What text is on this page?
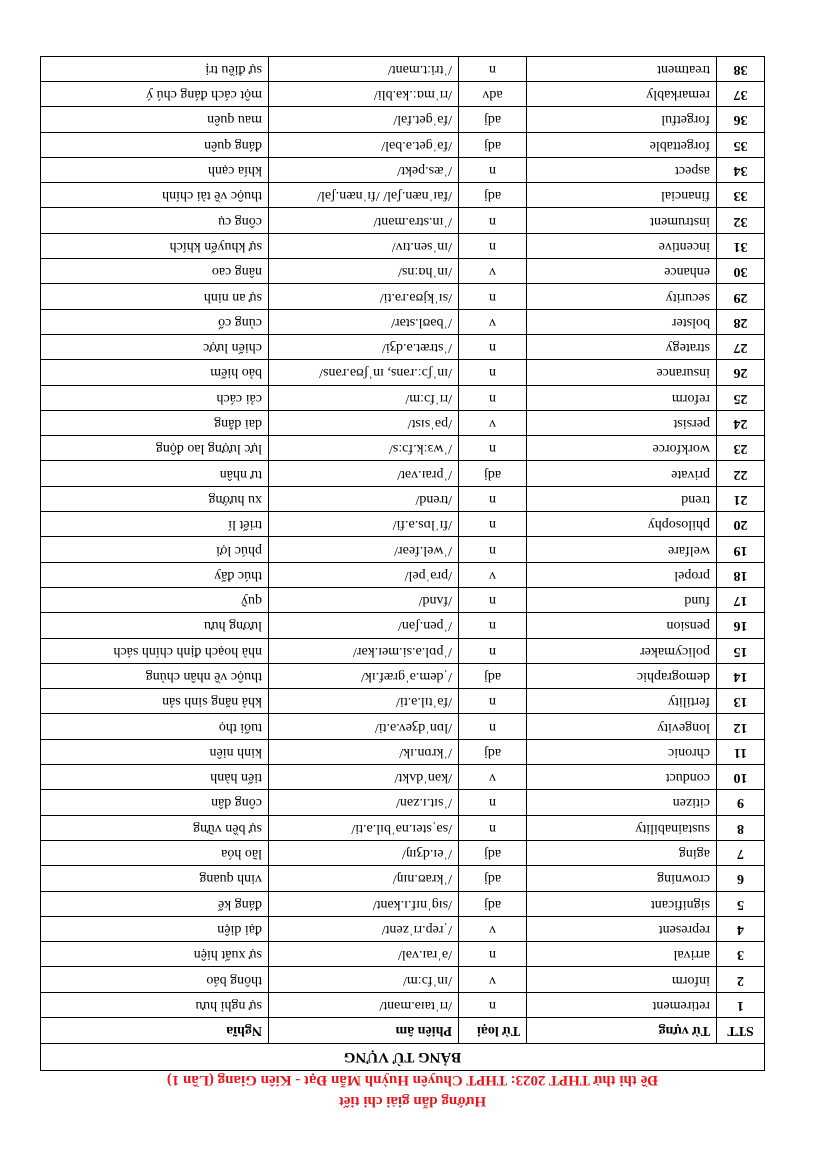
Hướng dẫn giải chi tiết
Đề thi thử THPT 2023: THPT Chuyên Huỳnh Mẫn Đạt - Kiên Giang (Lần 1)
BẢNG TỪ VỰNG				
STT	Từ vựng	Từ loại	Phiên âm	Nghĩa
1	retirement	n	/rɪˈtaɪə.mənt/	sự nghỉ hưu
2	inform	v	/ɪnˈfɔːm/	thông báo
3	arrival	n	/əˈraɪ.vəl/	sự xuất hiện
4	represent	v	/ˌrep.rɪˈzent/	đại diện
5	significant	adj	/sɪɡˈnɪf.ɪ.kənt/	đáng kể
6	crowning	adj	/ˈkraʊ.nɪŋ/	vinh quang
7	aging	adj	/ˈeɪ.dʒɪŋ/	lão hóa
8	sustainability	n	/səˌsteɪ.nəˈbɪl.ə.ti/	sự bền vững
9	citizen	n	/ˈsɪt.ɪ.zən/	công dân
10	conduct	v	/kənˈdʌkt/	tiến hành
11	chronic	adj	/ˈkrɒn.ɪk/	kinh niên
12	longevity	n	/lɒnˈdʒev.ə.ti/	tuổi thọ
13	fertility	n	/fəˈtɪl.ə.ti/	khả năng sinh sản
14	demographic	adj	/ˌdem.əˈɡræf.ɪk/	thuộc về nhân chủng
15	policymaker	n	/ˈpɒl.ə.si.meɪ.kər/	nhà hoạch định chính sách
16	pension	n	/ˈpen.ʃən/	lương hưu
17	fund	n	/fʌnd/	quỹ
18	propel	v	/prəˈpel/	thúc đẩy
19	welfare	n	/ˈwel.feər/	phúc lợi
20	philosophy	n	/fɪˈlɒs.ə.fi/	triết lí
21	trend	n	/trend/	xu hướng
22	private	adj	/ˈpraɪ.vət/	tư nhân
23	workforce	n	/ˈwɜːk.fɔːs/	lực lượng lao động
24	persist	v	/pəˈsɪst/	dai dẳng
25	reform	n	/rɪˈfɔːm/	cải cách
26	insurance	n	/ɪnˈʃɔː.rəns, ɪnˈʃʊə.rəns/	bảo hiểm
27	strategy	n	/ˈstræt.ə.dʒi/	chiến lược
28	bolster	v	/ˈbəʊl.stər/	củng cố
29	security	n	/sɪˈkjʊə.rə.ti/	sự an ninh
30	enhance	v	/ɪnˈhɑːns/	nâng cao
31	incentive	n	/ɪnˈsen.tɪv/	sự khuyến khích
32	instrument	n	/ˈɪn.strə.mənt/	công cụ
33	financial	adj	/faɪˈnæn.ʃəl/ /fɪˈnæn.ʃəl/	thuộc về tài chính
34	aspect	n	/ˈæs.pekt/	khía cạnh
35	forgettable	adj	/fəˈɡet.ə.bəl/	đáng quên
36	forgetful	adj	/fəˈɡet.fəl/	mau quên
37	remarkably	adv	/rɪˈmɑː.kə.bli/	một cách đáng chú ý
38	treatment	n	/ˈtriːt.mənt/	sự điều trị
